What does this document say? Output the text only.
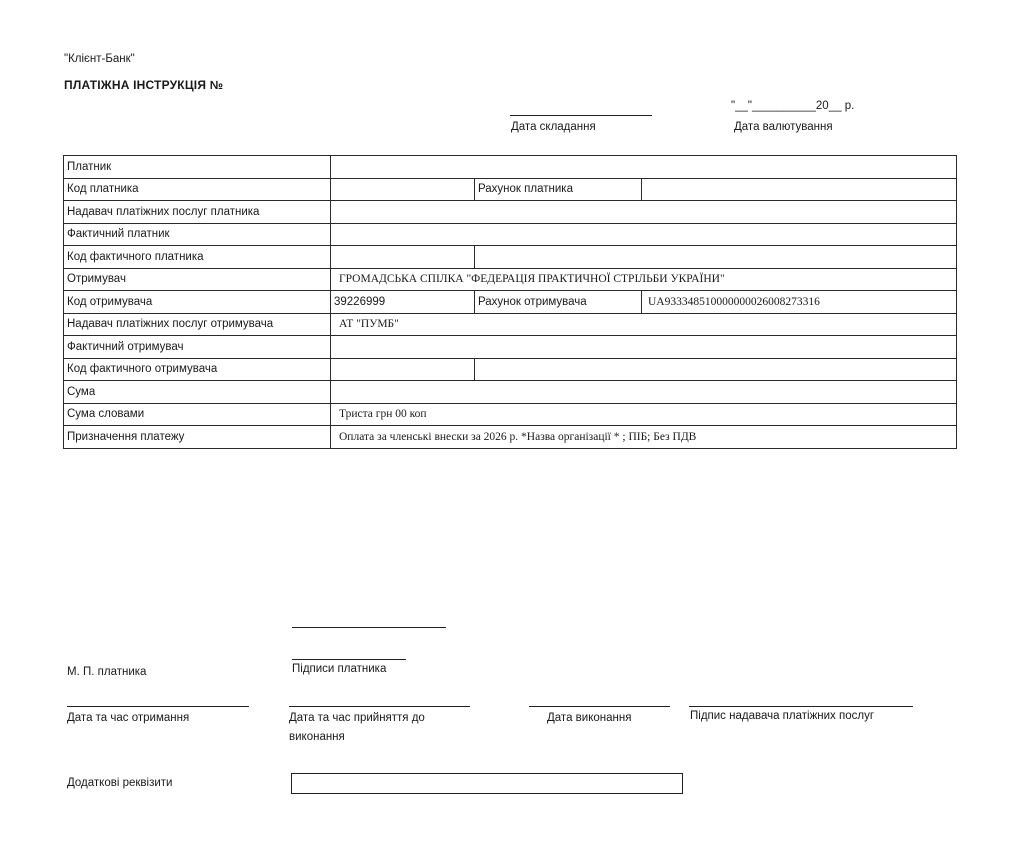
"Клієнт-Банк"
ПЛАТІЖНА ІНСТРУКЦІЯ №
"__"__________20__ р.
Дата складання	Дата валютування
Платник			
Код платника		Рахунок платника	
Надавач платіжних послуг платника			
Фактичний платник			
Код фактичного платника			
Отримувач	ГРОМАДСЬКА СПІЛКА "ФЕДЕРАЦІЯ ПРАКТИЧНОЇ СТРІЛЬБИ УКРАЇНИ"		
Код отримувача	39226999	Рахунок отримувача	UA933348510000000026008273316
Надавач платіжних послуг отримувача	АТ "ПУМБ"		
Фактичний отримувач			
Код фактичного отримувача			
Сума			
Сума словами	Триста грн 00 коп		
Призначення платежу	Оплата за членські внески за 2026 р. *Назва організації * ; ПІБ; Без ПДВ		
М. П. платника	Підписи платника
Дата та час отримання	Дата та час прийняття до
виконання
Дата виконання	Підпис надавача платіжних послуг
Додаткові реквізити
